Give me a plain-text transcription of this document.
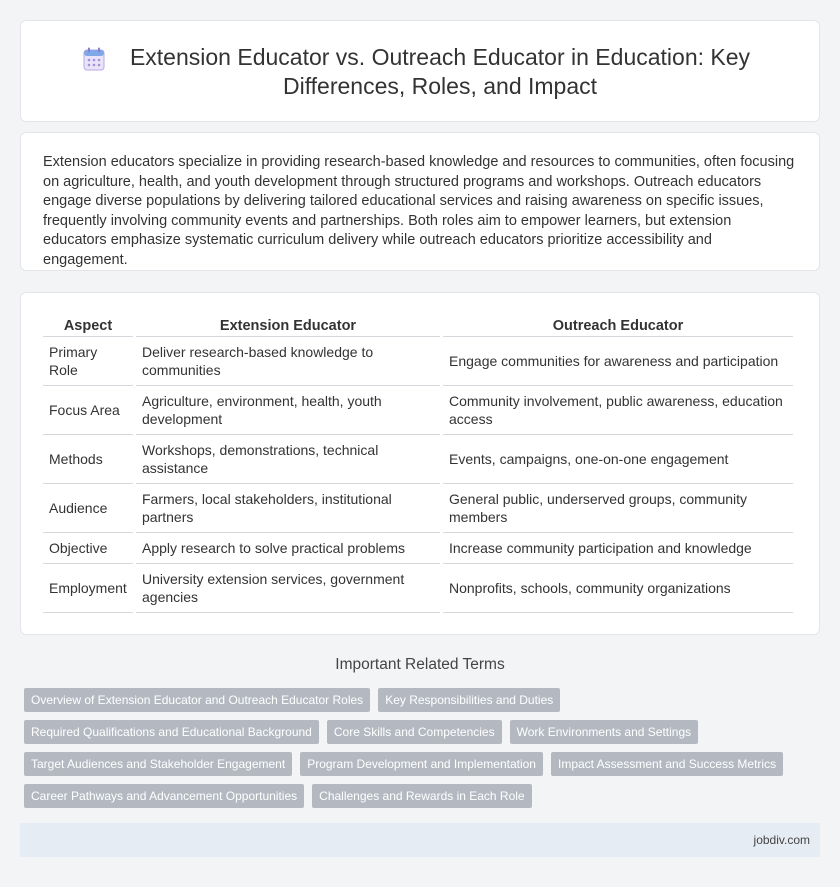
Extension Educator vs. Outreach Educator in Education: Key Differences, Roles, and Impact

Extension educators specialize in providing research-based knowledge and resources to communities, often focusing on agriculture, health, and youth development through structured programs and workshops. Outreach educators engage diverse populations by delivering tailored educational services and raising awareness on specific issues, frequently involving community events and partnerships. Both roles aim to empower learners, but extension educators emphasize systematic curriculum delivery while outreach educators prioritize accessibility and engagement.

Aspect	Extension Educator	Outreach Educator
Primary Role	Deliver research-based knowledge to communities	Engage communities for awareness and participation
Focus Area	Agriculture, environment, health, youth development	Community involvement, public awareness, education access
Methods	Workshops, demonstrations, technical assistance	Events, campaigns, one-on-one engagement
Audience	Farmers, local stakeholders, institutional partners	General public, underserved groups, community members
Objective	Apply research to solve practical problems	Increase community participation and knowledge
Employment	University extension services, government agencies	Nonprofits, schools, community organizations
Important Related Terms
Overview of Extension Educator and Outreach Educator Roles	Key Responsibilities and Duties
Required Qualifications and Educational Background	Core Skills and Competencies	Work Environments and Settings
Target Audiences and Stakeholder Engagement	Program Development and Implementation	Impact Assessment and Success Metrics
Career Pathways and Advancement Opportunities	Challenges and Rewards in Each Role
jobdiv.com
